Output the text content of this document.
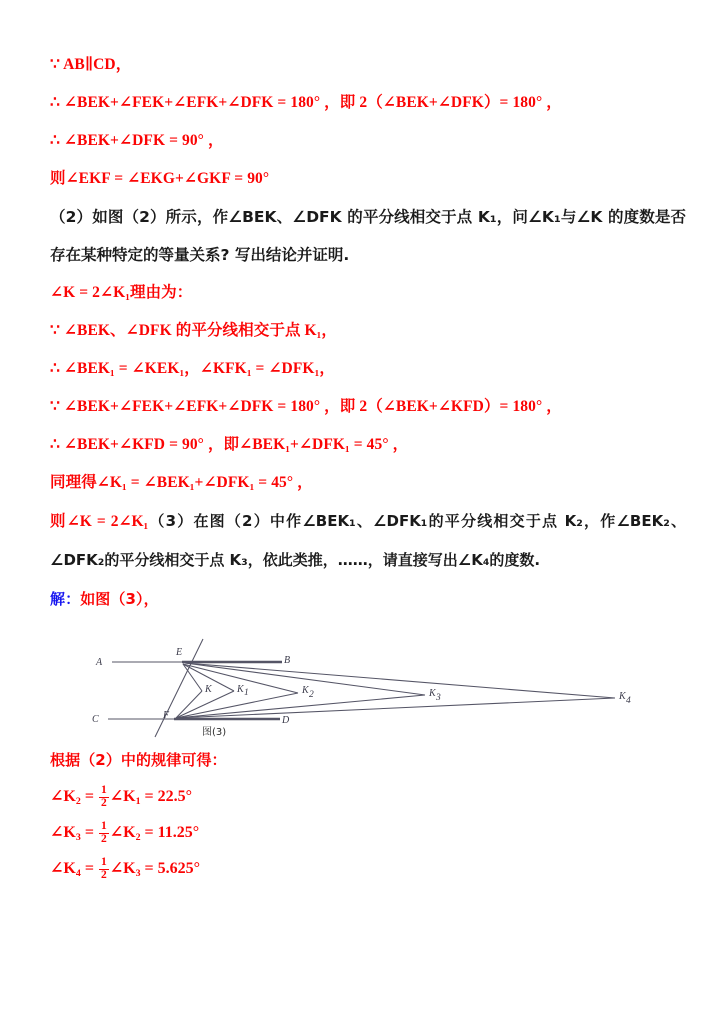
∵ AB∥CD，
∴ ∠BEK+∠FEK+∠EFK+∠DFK = 180° ，即 2（∠BEK+∠DFK）= 180° ，
∴ ∠BEK+∠DFK = 90° ，
则∠EKF = ∠EKG+∠GKF = 90°
（2）如图（2）所示，作∠BEK、∠DFK 的平分线相交于点 K₁，问∠K₁与∠K 的度数是否存在某种特定的等量关系? 写出结论并证明.
∠K = 2∠K₁理由为：
∵ ∠BEK、∠DFK 的平分线相交于点 K₁，
∴ ∠BEK₁ = ∠KEK₁，∠KFK₁ = ∠DFK₁，
∵ ∠BEK+∠FEK+∠EFK+∠DFK = 180° ，即 2（∠BEK+∠KFD）= 180° ，
∴ ∠BEK+∠KFD = 90° ，即∠BEK₁+∠DFK₁ = 45° ，
同理得∠K₁ = ∠BEK₁+∠DFK₁ = 45° ，
则∠K = 2∠K₁（3）在图（2）中作∠BEK₁、∠DFK₁的平分线相交于点 K₂，作∠BEK₂、∠DFK₂的平分线相交于点 K₃，依此类推，……，请直接写出∠K₄的度数.
解：如图（3），
A	B
C	D
E
F
K	K 1	K 2	K 3	K 4
图(3)
根据（2）中的规律可得：
$\angle K_2 = \frac{1}{2}$ $\angle K_1 = 22.5^\circ$
$\angle K_3 = \frac{1}{2}$ $\angle K_2 = 11.25^\circ$
$\angle K_4 = \frac{1}{2}$ $\angle K_3 = 5.625^\circ$
